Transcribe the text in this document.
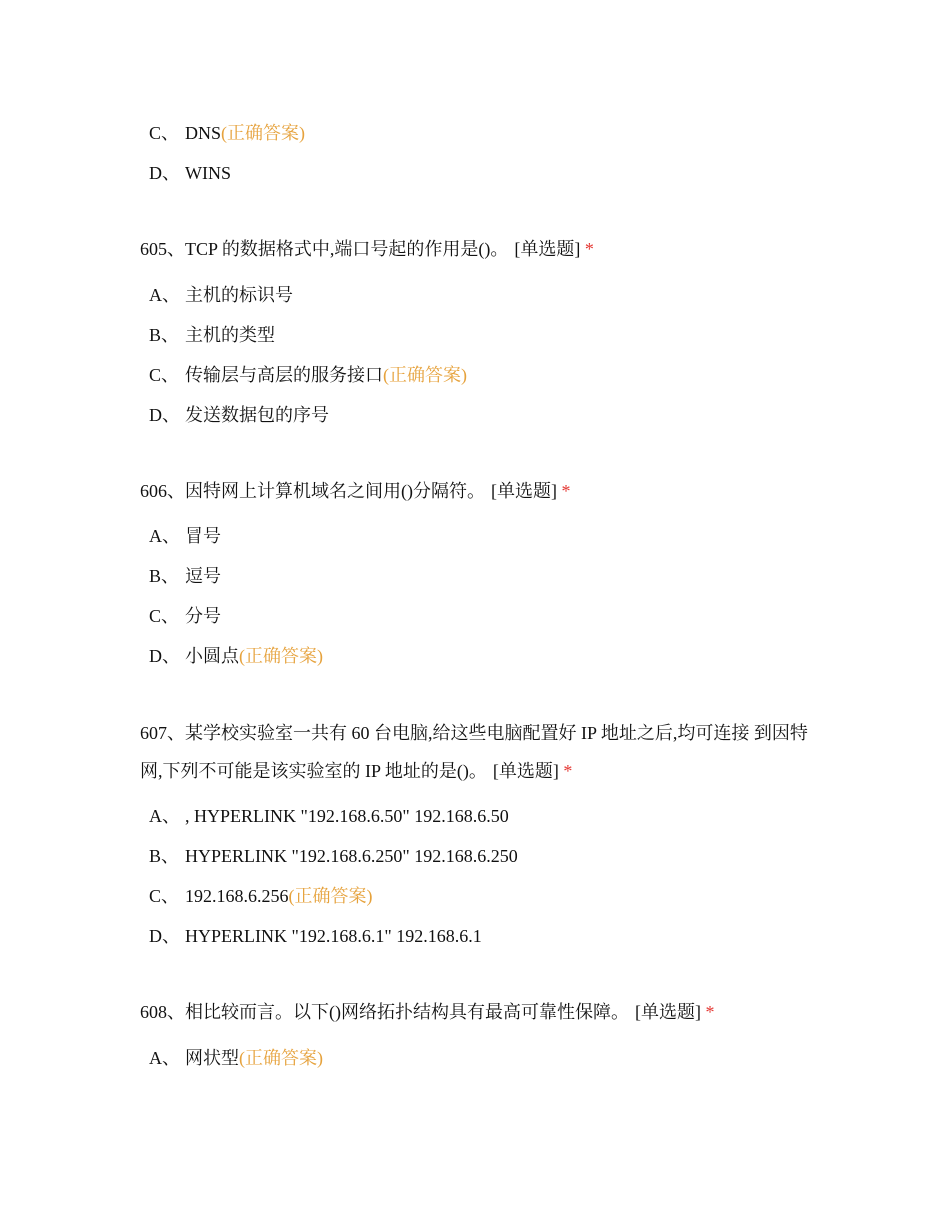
C、 DNS(正确答案)
D、 WINS
605、TCP 的数据格式中,端口号起的作用是()。 [单选题] *
A、 主机的标识号
B、 主机的类型
C、 传输层与高层的服务接口(正确答案)
D、 发送数据包的序号
606、因特网上计算机域名之间用()分隔符。 [单选题] *
A、 冒号
B、 逗号
C、 分号
D、 小圆点(正确答案)
607、某学校实验室一共有 60 台电脑,给这些电脑配置好 IP 地址之后,均可连接 到因特网,下列不可能是该实验室的 IP 地址的是()。 [单选题] *
A、 , HYPERLINK "192.168.6.50" 192.168.6.50
B、 HYPERLINK "192.168.6.250" 192.168.6.250
C、 192.168.6.256(正确答案)
D、 HYPERLINK "192.168.6.1" 192.168.6.1
608、相比较而言。以下()网络拓扑结构具有最高可靠性保障。 [单选题] *
A、 网状型(正确答案)
